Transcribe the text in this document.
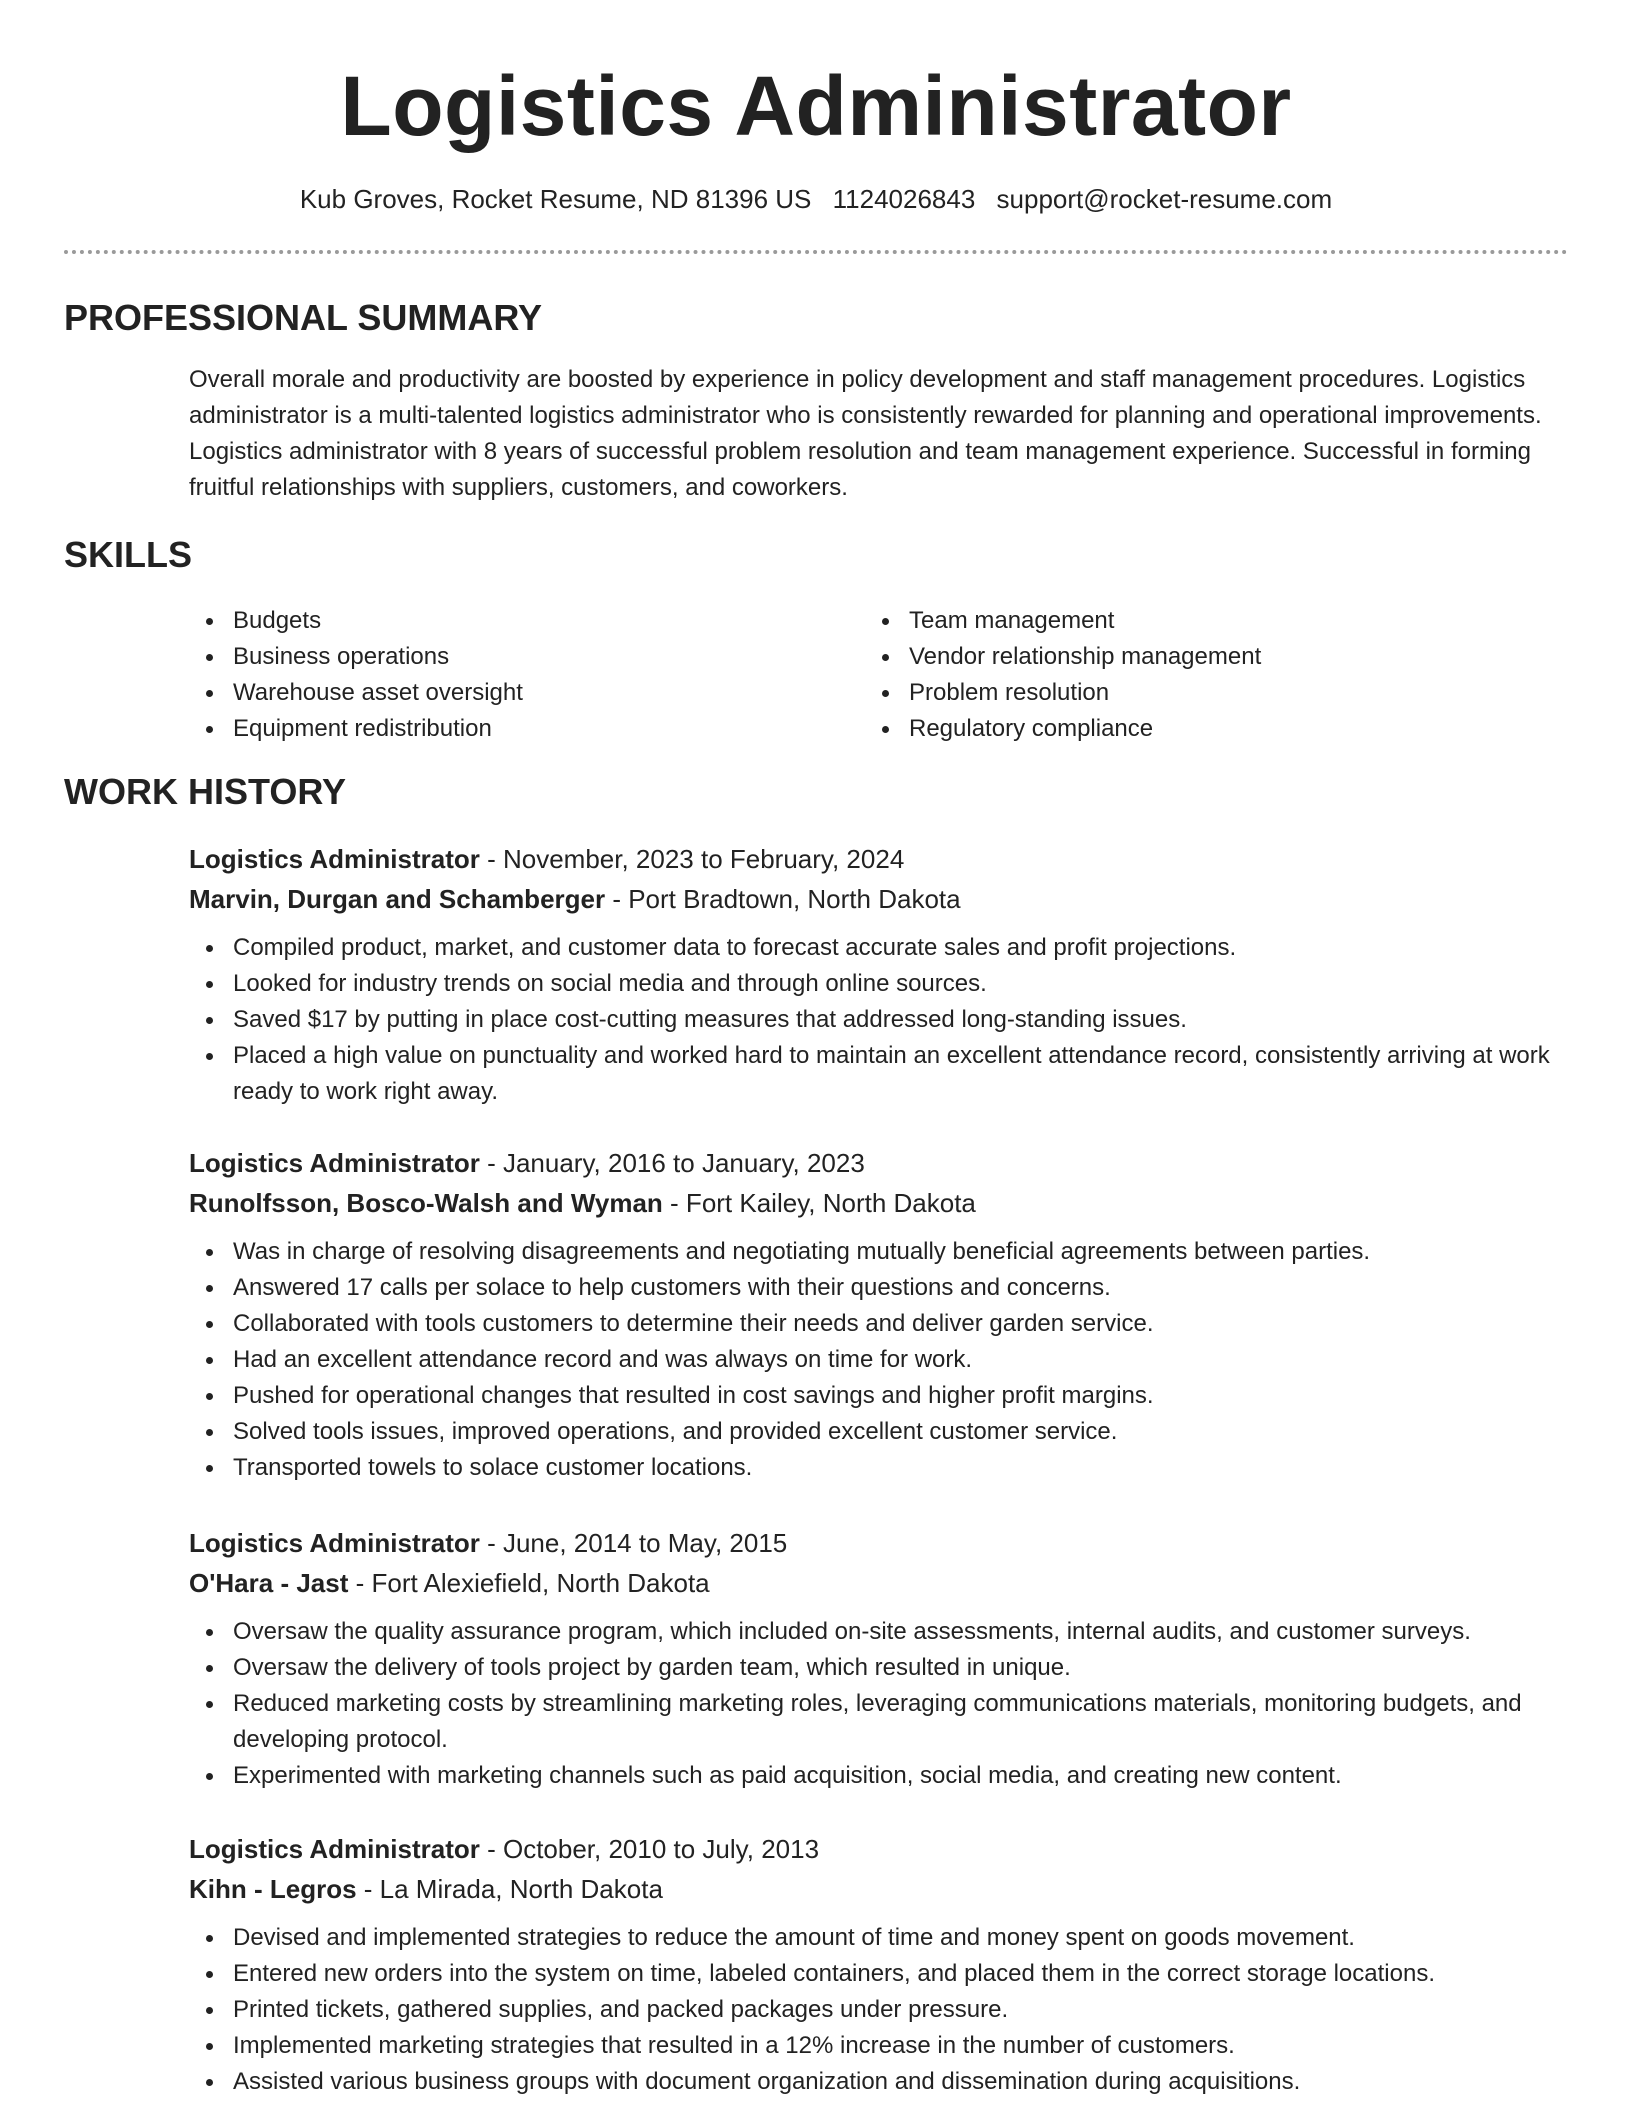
Logistics Administrator
Kub Groves, Rocket Resume, ND 81396 US 1124026843 support@rocket-resume.com
PROFESSIONAL SUMMARY

Overall morale and productivity are boosted by experience in policy development and staff management procedures. Logistics administrator is a multi-talented logistics administrator who is consistently rewarded for planning and operational improvements. Logistics administrator with 8 years of successful problem resolution and team management experience. Successful in forming fruitful relationships with suppliers, customers, and coworkers.

SKILLS
Budgets
Business operations
Warehouse asset oversight
Equipment redistribution
Team management
Vendor relationship management
Problem resolution
Regulatory compliance
WORK HISTORY

Logistics Administrator - November, 2023 to February, 2024

Marvin, Durgan and Schamberger - Port Bradtown, North Dakota

Compiled product, market, and customer data to forecast accurate sales and profit projections.
Looked for industry trends on social media and through online sources.
Saved $17 by putting in place cost-cutting measures that addressed long-standing issues.
Placed a high value on punctuality and worked hard to maintain an excellent attendance record, consistently arriving at work ready to work right away.

Logistics Administrator - January, 2016 to January, 2023

Runolfsson, Bosco-Walsh and Wyman - Fort Kailey, North Dakota

Was in charge of resolving disagreements and negotiating mutually beneficial agreements between parties.
Answered 17 calls per solace to help customers with their questions and concerns.
Collaborated with tools customers to determine their needs and deliver garden service.
Had an excellent attendance record and was always on time for work.
Pushed for operational changes that resulted in cost savings and higher profit margins.
Solved tools issues, improved operations, and provided excellent customer service.
Transported towels to solace customer locations.

Logistics Administrator - June, 2014 to May, 2015

O'Hara - Jast - Fort Alexiefield, North Dakota

Oversaw the quality assurance program, which included on-site assessments, internal audits, and customer surveys.
Oversaw the delivery of tools project by garden team, which resulted in unique.
Reduced marketing costs by streamlining marketing roles, leveraging communications materials, monitoring budgets, and developing protocol.
Experimented with marketing channels such as paid acquisition, social media, and creating new content.

Logistics Administrator - October, 2010 to July, 2013

Kihn - Legros - La Mirada, North Dakota

Devised and implemented strategies to reduce the amount of time and money spent on goods movement.
Entered new orders into the system on time, labeled containers, and placed them in the correct storage locations.
Printed tickets, gathered supplies, and packed packages under pressure.
Implemented marketing strategies that resulted in a 12% increase in the number of customers.
Assisted various business groups with document organization and dissemination during acquisitions.
